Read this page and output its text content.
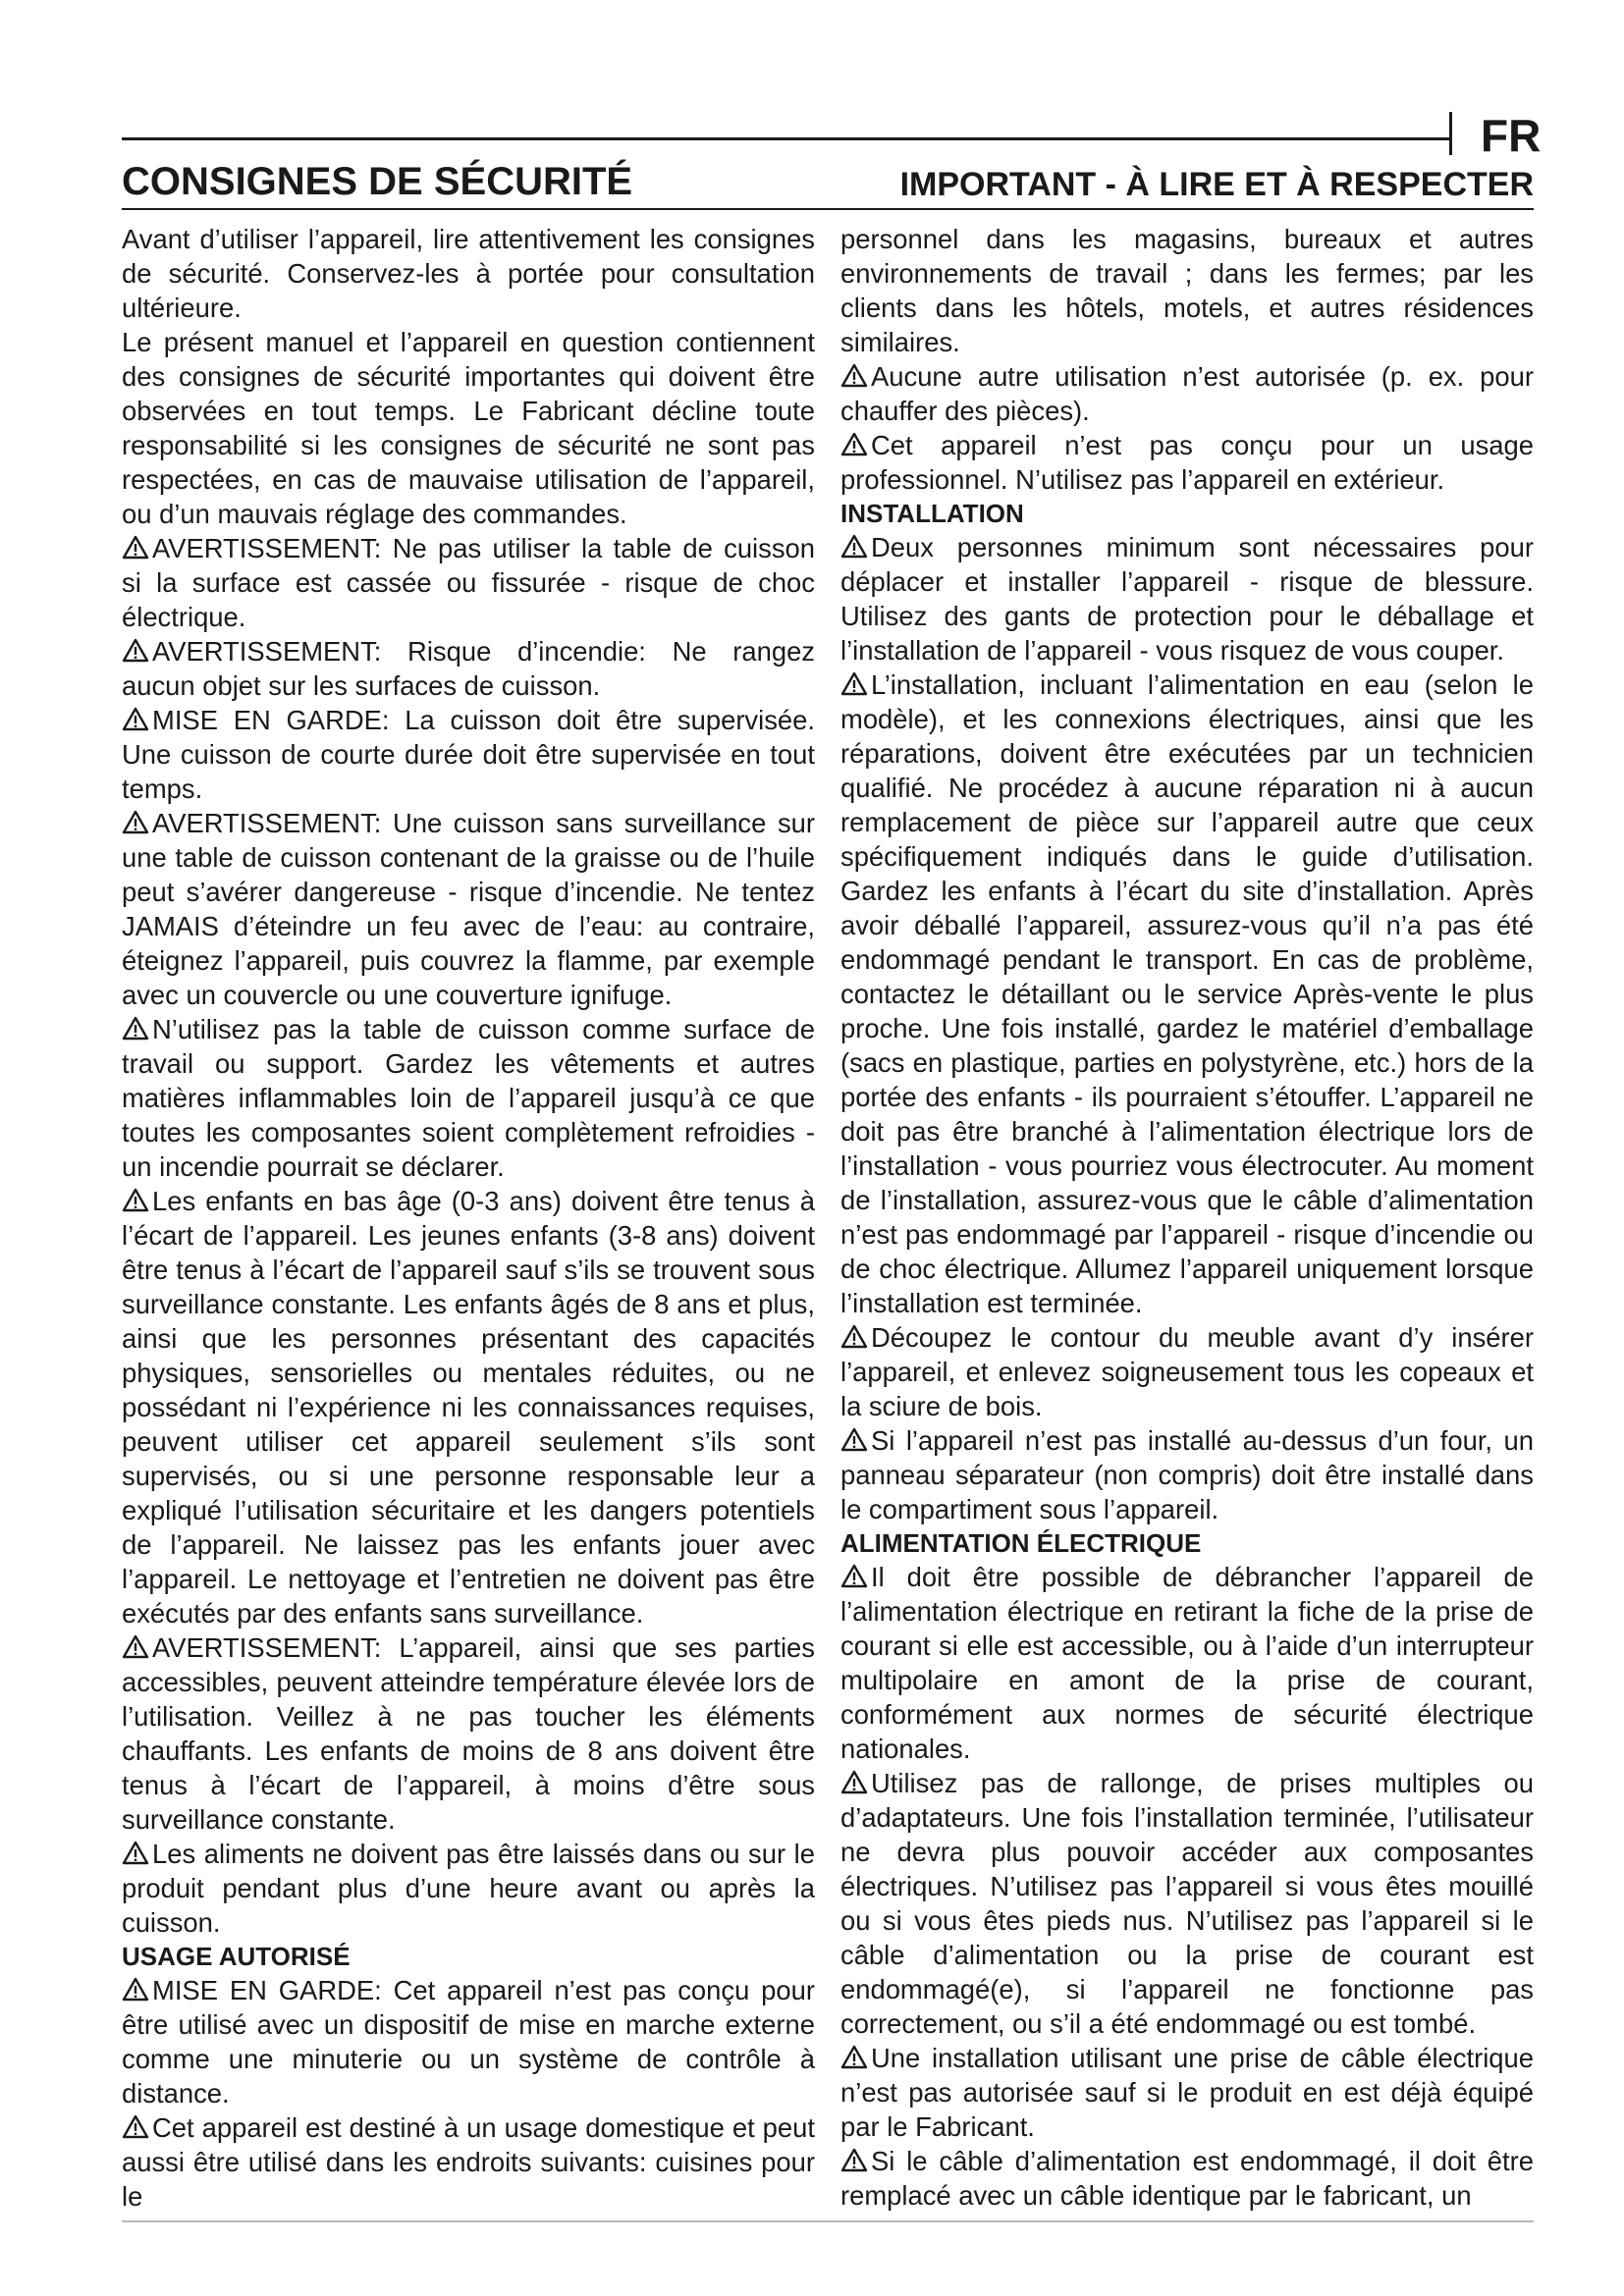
FR
CONSIGNES DE SÉCURITÉ	IMPORTANT - À LIRE ET À RESPECTER

Avant d’utiliser l’appareil, lire attentivement les consignes de sécurité. Conservez-les à portée pour consultation ultérieure.

Le présent manuel et l’appareil en question contiennent des consignes de sécurité importantes qui doivent être observées en tout temps. Le Fabricant décline toute responsabilité si les consignes de sécurité ne sont pas respectées, en cas de mauvaise utilisation de l’appareil, ou d’un mauvais réglage des commandes.

AVERTISSEMENT: Ne pas utiliser la table de cuisson si la surface est cassée ou fissurée - risque de choc électrique.

AVERTISSEMENT: Risque d’incendie: Ne rangez aucun objet sur les surfaces de cuisson.

MISE EN GARDE: La cuisson doit être supervisée. Une cuisson de courte durée doit être supervisée en tout temps.

AVERTISSEMENT: Une cuisson sans surveillance sur une table de cuisson contenant de la graisse ou de l’huile peut s’avérer dangereuse - risque d’incendie. Ne tentez JAMAIS d’éteindre un feu avec de l’eau: au contraire, éteignez l’appareil, puis couvrez la flamme, par exemple avec un couvercle ou une couverture ignifuge.

N’utilisez pas la table de cuisson comme surface de travail ou support. Gardez les vêtements et autres matières inflammables loin de l’appareil jusqu’à ce que toutes les composantes soient complètement refroidies - un incendie pourrait se déclarer.

Les enfants en bas âge (0-3 ans) doivent être tenus à l’écart de l’appareil. Les jeunes enfants (3-8 ans) doivent être tenus à l’écart de l’appareil sauf s’ils se trouvent sous surveillance constante. Les enfants âgés de 8 ans et plus, ainsi que les personnes présentant des capacités physiques, sensorielles ou mentales réduites, ou ne possédant ni l’expérience ni les connaissances requises, peuvent utiliser cet appareil seulement s’ils sont supervisés, ou si une personne responsable leur a expliqué l’utilisation sécuritaire et les dangers potentiels de l’appareil. Ne laissez pas les enfants jouer avec l’appareil. Le nettoyage et l’entretien ne doivent pas être exécutés par des enfants sans surveillance.

AVERTISSEMENT: L’appareil, ainsi que ses parties accessibles, peuvent atteindre température élevée lors de l’utilisation. Veillez à ne pas toucher les éléments chauffants. Les enfants de moins de 8 ans doivent être tenus à l’écart de l’appareil, à moins d’être sous surveillance constante.

Les aliments ne doivent pas être laissés dans ou sur le produit pendant plus d’une heure avant ou après la cuisson.

USAGE AUTORISÉ

MISE EN GARDE: Cet appareil n’est pas conçu pour être utilisé avec un dispositif de mise en marche externe comme une minuterie ou un système de contrôle à distance.

Cet appareil est destiné à un usage domestique et peut aussi être utilisé dans les endroits suivants: cuisines pour le

personnel dans les magasins, bureaux et autres environnements de travail ; dans les fermes; par les clients dans les hôtels, motels, et autres résidences similaires.

Aucune autre utilisation n’est autorisée (p. ex. pour chauffer des pièces).

Cet appareil n’est pas conçu pour un usage professionnel. N’utilisez pas l’appareil en extérieur.

INSTALLATION

Deux personnes minimum sont nécessaires pour déplacer et installer l’appareil - risque de blessure. Utilisez des gants de protection pour le déballage et l’installation de l’appareil - vous risquez de vous couper.

L’installation, incluant l’alimentation en eau (selon le modèle), et les connexions électriques, ainsi que les réparations, doivent être exécutées par un technicien qualifié. Ne procédez à aucune réparation ni à aucun remplacement de pièce sur l’appareil autre que ceux spécifiquement indiqués dans le guide d’utilisation. Gardez les enfants à l’écart du site d’installation. Après avoir déballé l’appareil, assurez-vous qu’il n’a pas été endommagé pendant le transport. En cas de problème, contactez le détaillant ou le service Après-vente le plus proche. Une fois installé, gardez le matériel d’emballage (sacs en plastique, parties en polystyrène, etc.) hors de la portée des enfants - ils pourraient s’étouffer. L’appareil ne doit pas être branché à l’alimentation électrique lors de l’installation - vous pourriez vous électrocuter. Au moment de l’installation, assurez-vous que le câble d’alimentation n’est pas endommagé par l’appareil - risque d’incendie ou de choc électrique. Allumez l’appareil uniquement lorsque l’installation est terminée.

Découpez le contour du meuble avant d’y insérer l’appareil, et enlevez soigneusement tous les copeaux et la sciure de bois.

Si l’appareil n’est pas installé au-dessus d’un four, un panneau séparateur (non compris) doit être installé dans le compartiment sous l’appareil.

ALIMENTATION ÉLECTRIQUE

Il doit être possible de débrancher l’appareil de l’alimentation électrique en retirant la fiche de la prise de courant si elle est accessible, ou à l’aide d’un interrupteur multipolaire en amont de la prise de courant, conformément aux normes de sécurité électrique nationales.

Utilisez pas de rallonge, de prises multiples ou d’adaptateurs. Une fois l’installation terminée, l’utilisateur ne devra plus pouvoir accéder aux composantes électriques. N’utilisez pas l’appareil si vous êtes mouillé ou si vous êtes pieds nus. N’utilisez pas l’appareil si le câble d’alimentation ou la prise de courant est endommagé(e), si l’appareil ne fonctionne pas correctement, ou s’il a été endommagé ou est tombé.

Une installation utilisant une prise de câble électrique n’est pas autorisée sauf si le produit en est déjà équipé par le Fabricant.

Si le câble d’alimentation est endommagé, il doit être remplacé avec un câble identique par le fabricant, un
